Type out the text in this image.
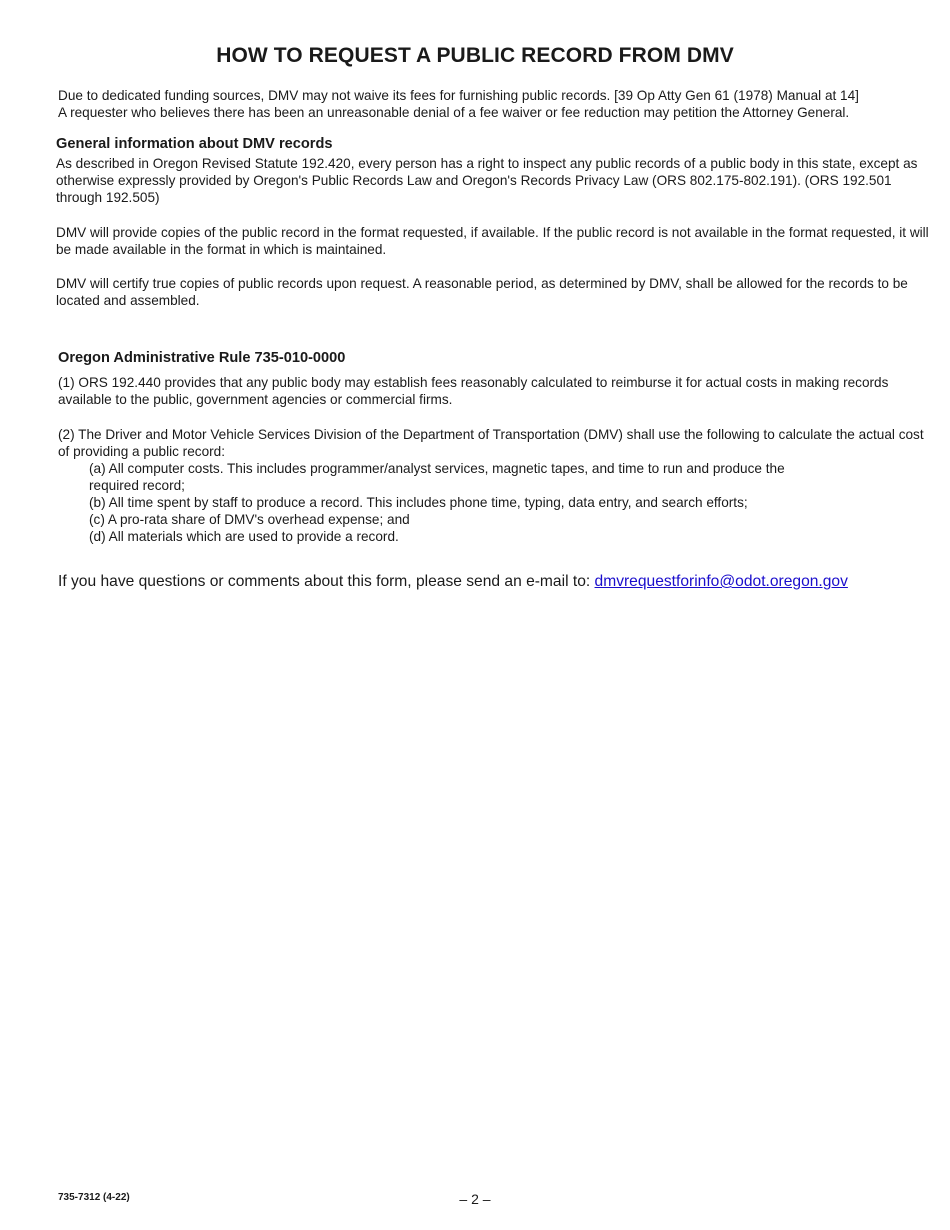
HOW TO REQUEST A PUBLIC RECORD FROM DMV
Due to dedicated funding sources, DMV may not waive its fees for furnishing public records. [39 Op Atty Gen 61 (1978) Manual at 14]
A requester who believes there has been an unreasonable denial of a fee waiver or fee reduction may petition the Attorney General.
General information about DMV records

As described in Oregon Revised Statute 192.420, every person has a right to inspect any public records of a public body in this state, except as otherwise expressly provided by Oregon's Public Records Law and Oregon's Records Privacy Law (ORS 802.175-802.191). (ORS 192.501 through 192.505)

DMV will provide copies of the public record in the format requested, if available. If the public record is not available in the format requested, it will be made available in the format in which is maintained.

DMV will certify true copies of public records upon request. A reasonable period, as determined by DMV, shall be allowed for the records to be located and assembled.

Oregon Administrative Rule 735-010-0000

(1) ORS 192.440 provides that any public body may establish fees reasonably calculated to reimburse it for actual costs in making records available to the public, government agencies or commercial firms.

(2) The Driver and Motor Vehicle Services Division of the Department of Transportation (DMV) shall use the following to calculate the actual cost of providing a public record:

(a) All computer costs. This includes programmer/analyst services, magnetic tapes, and time to run and produce the required record;
(b) All time spent by staff to produce a record. This includes phone time, typing, data entry, and search efforts;
(c) A pro-rata share of DMV's overhead expense; and
(d) All materials which are used to provide a record.

If you have questions or comments about this form, please send an e-mail to: dmvrequestforinfo@odot.oregon.gov

735-7312 (4-22)	– 2 –
